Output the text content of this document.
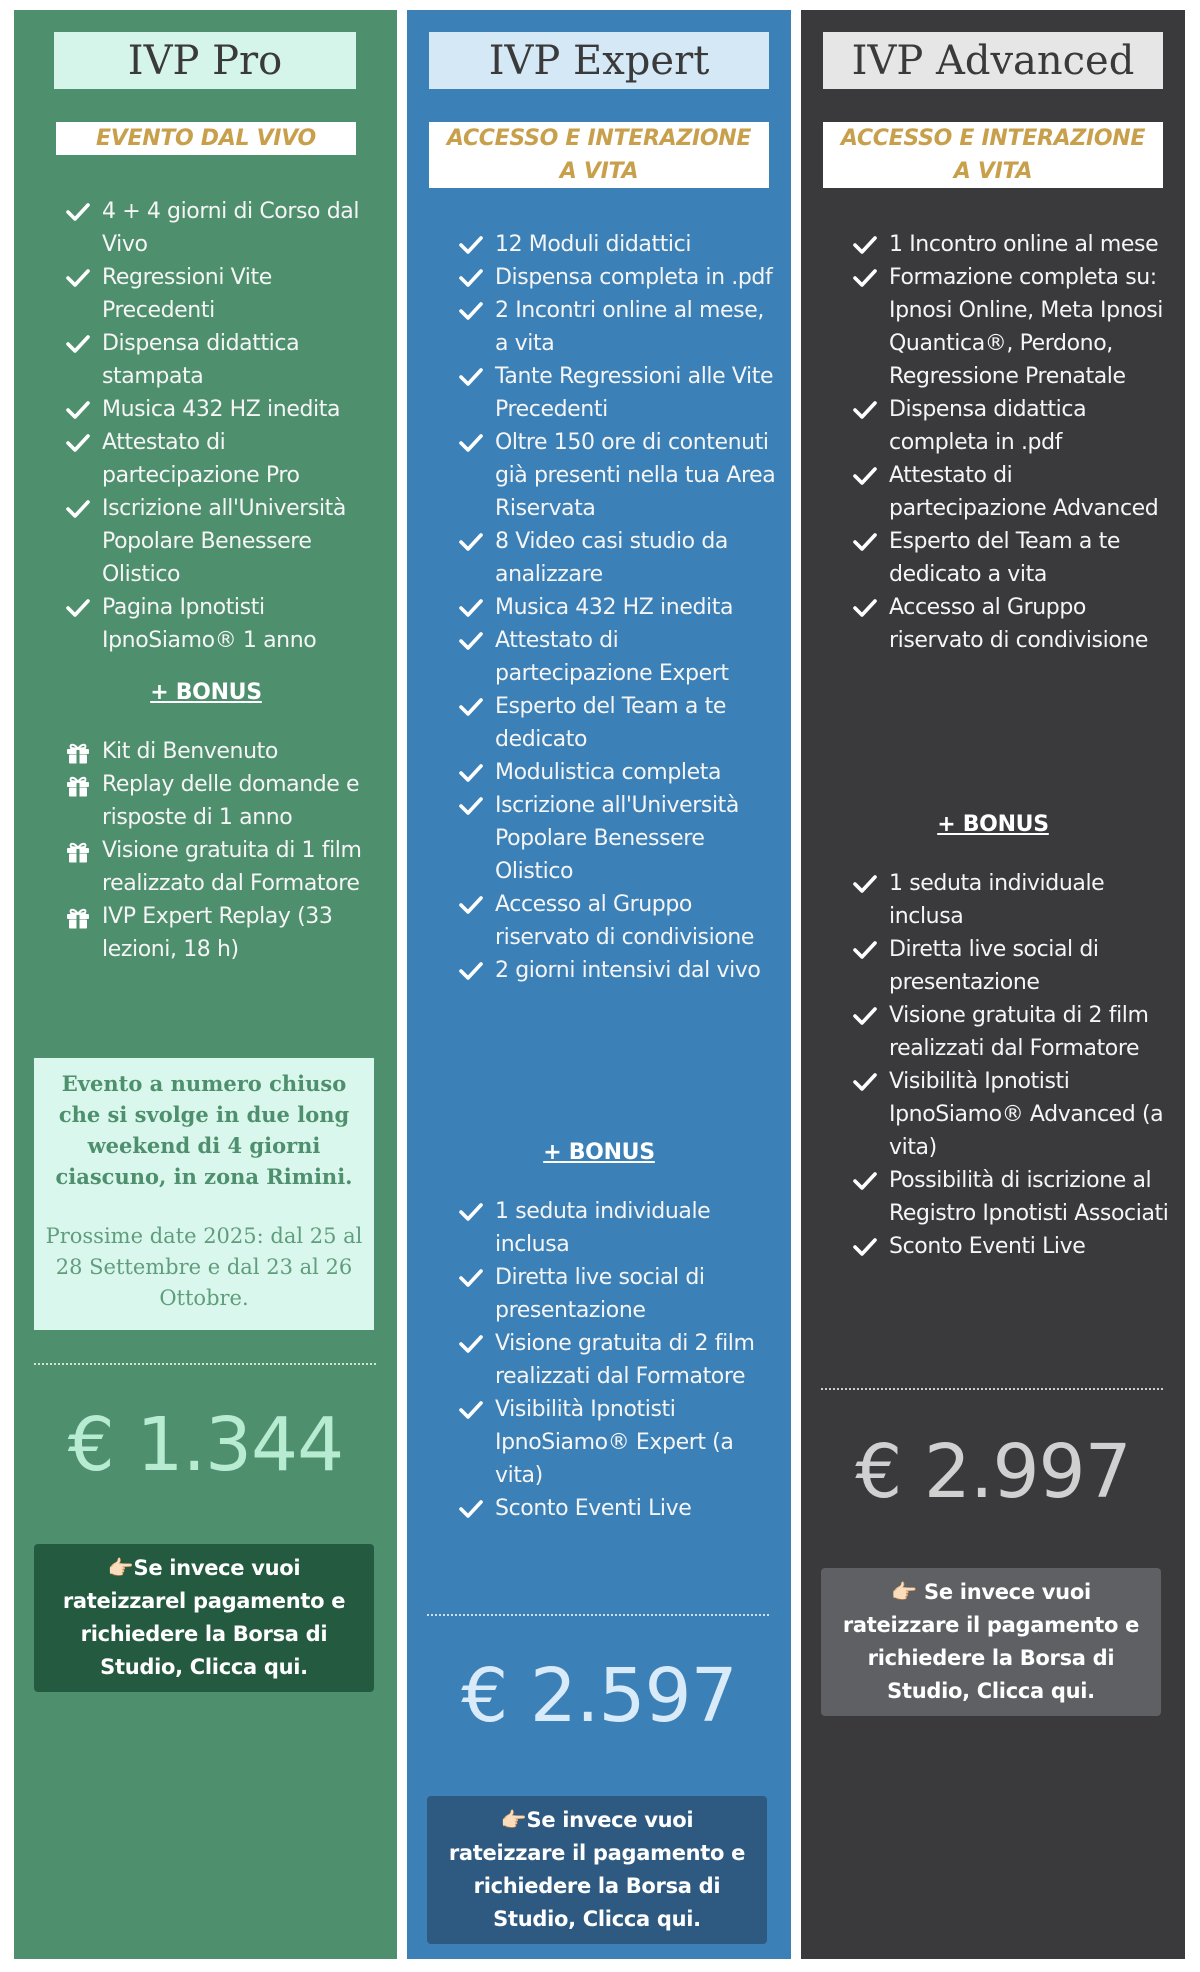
IVP Pro
EVENTO DAL VIVO
4 + 4 giorni di Corso dal Vivo
Regressioni Vite Precedenti
Dispensa didattica stampata
Musica 432 HZ inedita
Attestato di partecipazione Pro
Iscrizione all'Università Popolare Benessere Olistico
Pagina Ipnotisti IpnoSiamo® 1 anno
+ BONUS
Kit di Benvenuto
Replay delle domande e risposte di 1 anno
Visione gratuita di 1 film realizzato dal Formatore
IVP Expert Replay (33 lezioni, 18 h)
Evento a numero chiuso che si svolge in due long weekend di 4 giorni ciascuno, in zona Rimini.
Prossime date 2025: dal 25 al 28 Settembre e dal 23 al 26 Ottobre.
€ 1.344
👉🏻Se invece vuoi rateizzarel pagamento e richiedere la Borsa di Studio, Clicca qui.
IVP Expert
ACCESSO E INTERAZIONE A VITA
12 Moduli didattici
Dispensa completa in .pdf
2 Incontri online al mese, a vita
Tante Regressioni alle Vite Precedenti
Oltre 150 ore di contenuti già presenti nella tua Area Riservata
8 Video casi studio da analizzare
Musica 432 HZ inedita
Attestato di partecipazione Expert
Esperto del Team a te dedicato
Modulistica completa
Iscrizione all'Università Popolare Benessere Olistico
Accesso al Gruppo riservato di condivisione
2 giorni intensivi dal vivo
+ BONUS
1 seduta individuale inclusa
Diretta live social di presentazione
Visione gratuita di 2 film realizzati dal Formatore
Visibilità Ipnotisti IpnoSiamo® Expert (a vita)
Sconto Eventi Live
€ 2.597
👉🏻Se invece vuoi rateizzare il pagamento e richiedere la Borsa di Studio, Clicca qui.
IVP Advanced
ACCESSO E INTERAZIONE A VITA
1 Incontro online al mese
Formazione completa su: Ipnosi Online, Meta Ipnosi Quantica®, Perdono, Regressione Prenatale
Dispensa didattica completa in .pdf
Attestato di partecipazione Advanced
Esperto del Team a te dedicato a vita
Accesso al Gruppo riservato di condivisione
+ BONUS
1 seduta individuale inclusa
Diretta live social di presentazione
Visione gratuita di 2 film realizzati dal Formatore
Visibilità Ipnotisti IpnoSiamo® Advanced (a vita)
Possibilità di iscrizione al Registro Ipnotisti Associati
Sconto Eventi Live
€ 2.997
👉🏻 Se invece vuoi rateizzare il pagamento e richiedere la Borsa di Studio, Clicca qui.
